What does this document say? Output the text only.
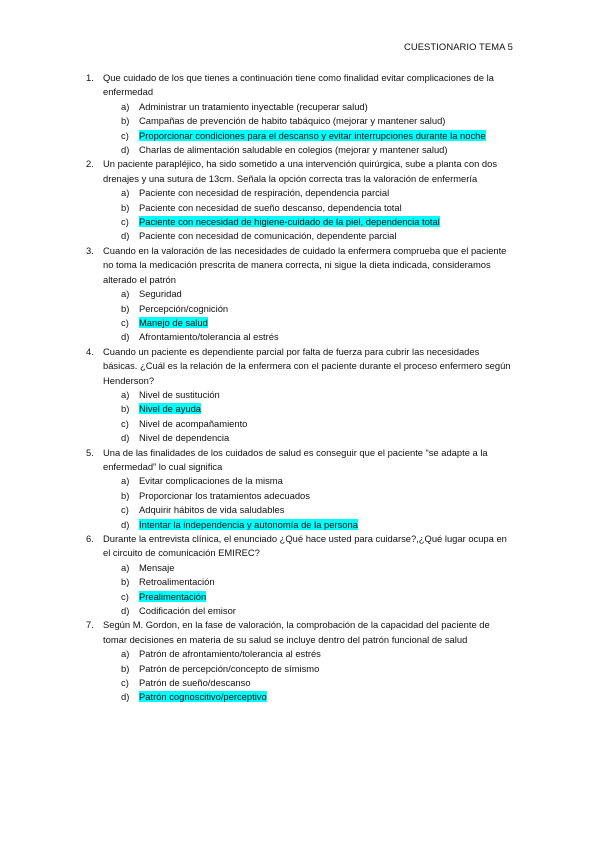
CUESTIONARIO TEMA 5
1. Que cuidado de los que tienes a continuación tiene como finalidad evitar complicaciones de la enfermedad
a)	Administrar un tratamiento inyectable (recuperar salud)
b)	Campañas de prevención de habito tabáquico (mejorar y mantener salud)
c)	Proporcionar condiciones para el descanso y evitar interrupciones durante la noche
d)	Charlas de alimentación saludable en colegios (mejorar y mantener salud)
2. Un paciente parapléjico, ha sido sometido a una intervención quirúrgica, sube a planta con dos drenajes y una sutura de 13cm. Señala la opción correcta tras la valoración de enfermería
a)	Paciente con necesidad de respiración, dependencia parcial
b)	Paciente con necesidad de sueño descanso, dependencia total
c)	Paciente con necesidad de higiene-cuidado de la piel, dependencia total
d)	Paciente con necesidad de comunicación, dependente parcial
3. Cuando en la valoración de las necesidades de cuidado la enfermera comprueba que el paciente no toma la medicación prescrita de manera correcta, ni sigue la dieta indicada, consideramos alterado el patrón
a)	Seguridad
b)	Percepción/cognición
c)	Manejo de salud
d)	Afrontamiento/tolerancia al estrés
4. Cuando un paciente es dependiente parcial por falta de fuerza para cubrir las necesidades básicas. ¿Cuál es la relación de la enfermera con el paciente durante el proceso enfermero según Henderson?
a)	Nivel de sustitución
b)	Nivel de ayuda
c)	Nivel de acompañamiento
d)	Nivel de dependencia
5. Una de las finalidades de los cuidados de salud es conseguir que el paciente “se adapte a la enfermedad” lo cual significa
a)	Evitar complicaciones de la misma
b)	Proporcionar los tratamientos adecuados
c)	Adquirir hábitos de vida saludables
d)	Intentar la independencia y autonomía de la persona
6. Durante la entrevista clínica, el enunciado ¿Qué hace usted para cuidarse?,¿Qué lugar ocupa en el circuito de comunicación EMIREC?
a)	Mensaje
b)	Retroalimentación
c)	Prealimentación
d)	Codificación del emisor
7. Según M. Gordon, en la fase de valoración, la comprobación de la capacidad del paciente de tomar decisiones en materia de su salud se incluye dentro del patrón funcional de salud
a)	Patrón de afrontamiento/tolerancia al estrés
b)	Patrón de percepción/concepto de símismo
c)	Patrón de sueño/descanso
d)	Patrón cognoscitivo/perceptivo
